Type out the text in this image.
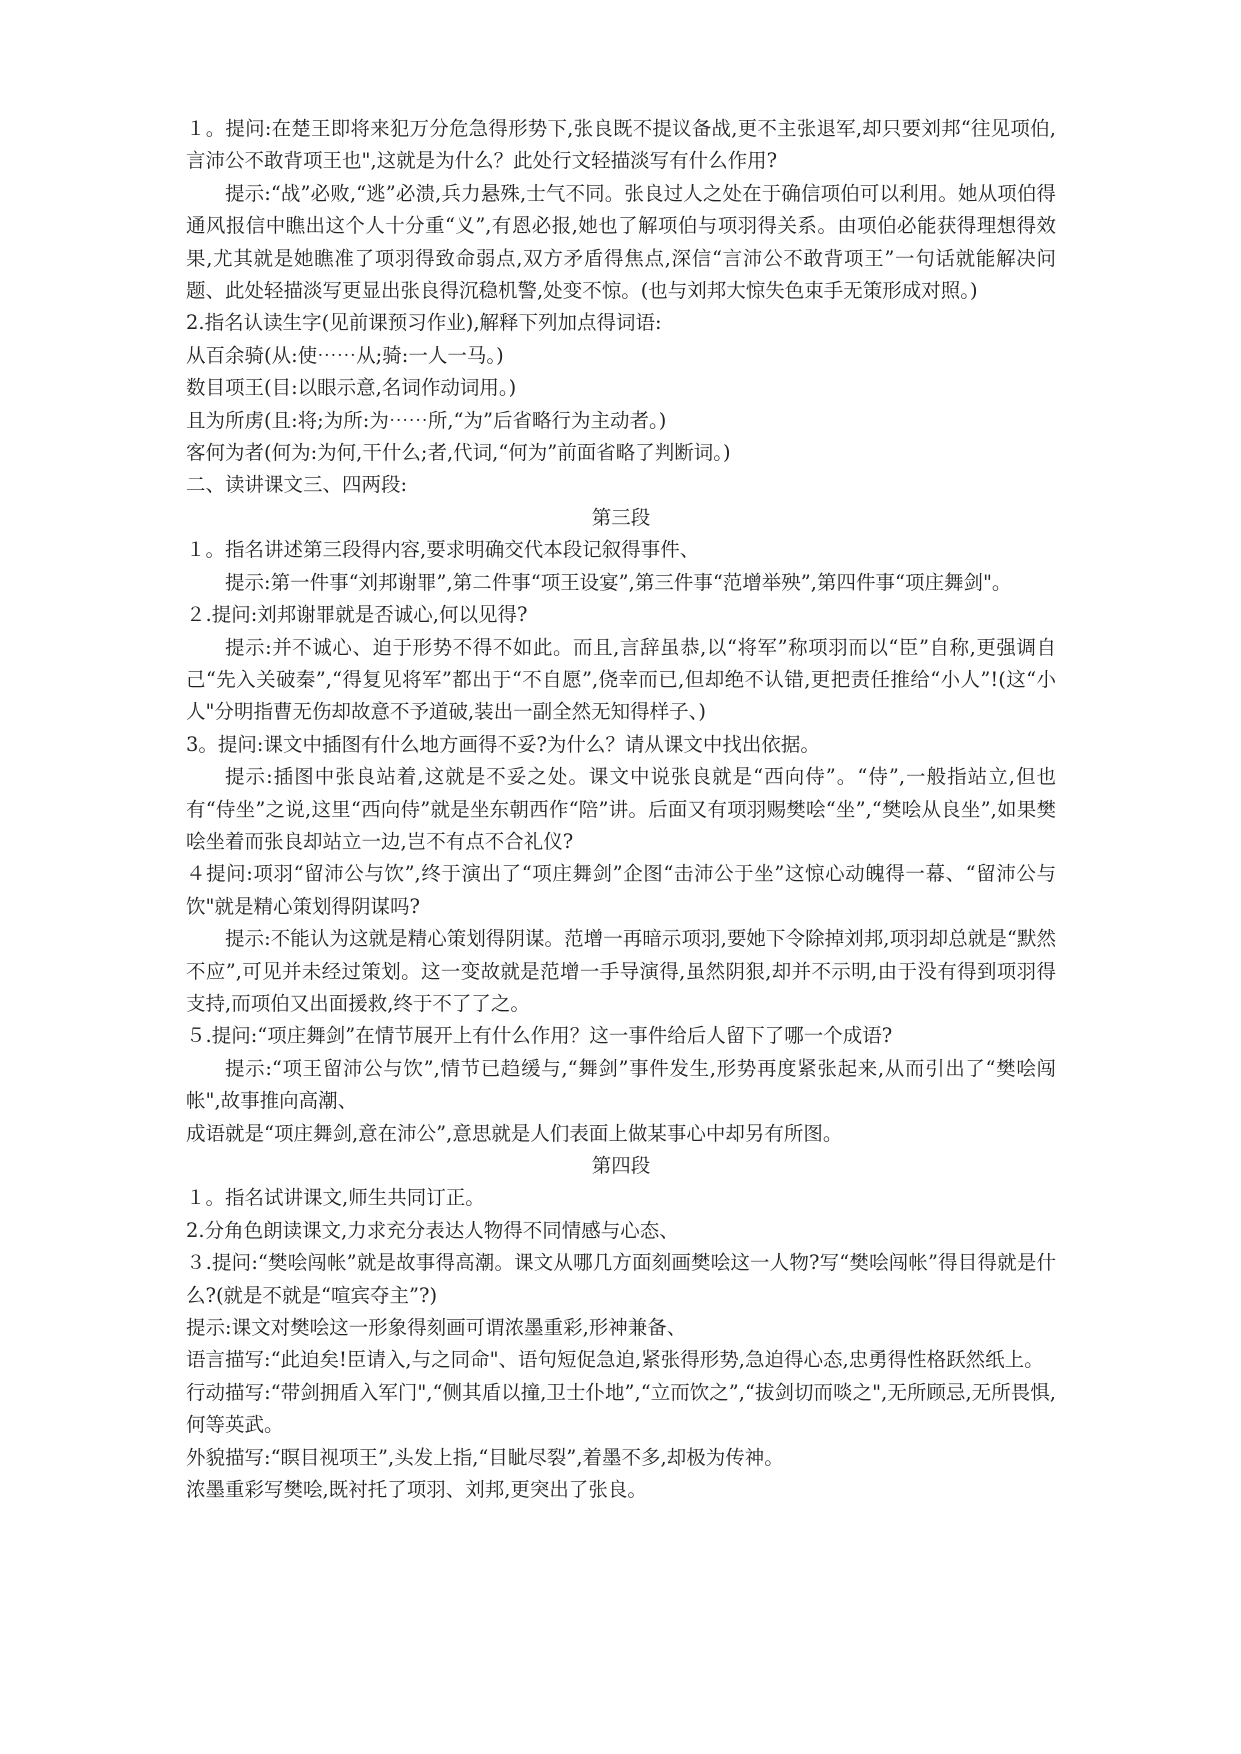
１。提问:在楚王即将来犯万分危急得形势下,张良既不提议备战,更不主张退军,却只要刘邦“往见项伯,言沛公不敢背项王也",这就是为什么？此处行文轻描淡写有什么作用?

提示:“战”必败,“逃”必溃,兵力悬殊,士气不同。张良过人之处在于确信项伯可以利用。她从项伯得通风报信中瞧出这个人十分重“义”,有恩必报,她也了解项伯与项羽得关系。由项伯必能获得理想得效果,尤其就是她瞧准了项羽得致命弱点,双方矛盾得焦点,深信“言沛公不敢背项王”一句话就能解决问题、此处轻描淡写更显出张良得沉稳机警,处变不惊。(也与刘邦大惊失色束手无策形成对照。)

2.指名认读生字(见前课预习作业),解释下列加点得词语:

从百余骑(从:使⋯⋯从;骑:一人一马。)

数目项王(目:以眼示意,名词作动词用。)

且为所虏(且:将;为所:为⋯⋯所,“为”后省略行为主动者。)

客何为者(何为:为何,干什么;者,代词,“何为”前面省略了判断词。)

二、读讲课文三、四两段:

第三段

１。指名讲述第三段得内容,要求明确交代本段记叙得事件、

提示:第一件事“刘邦谢罪”,第二件事“项王设宴”,第三件事“范增举殃”,第四件事“项庄舞剑"。

２.提问:刘邦谢罪就是否诚心,何以见得?

提示:并不诚心、迫于形势不得不如此。而且,言辞虽恭,以“将军”称项羽而以“臣”自称,更强调自己“先入关破秦”,“得复见将军”都出于“不自愿”,侥幸而已,但却绝不认错,更把责任推给“小人”!(这“小人"分明指曹无伤却故意不予道破,装出一副全然无知得样子、)

3。提问:课文中插图有什么地方画得不妥?为什么？请从课文中找出依据。

提示:插图中张良站着,这就是不妥之处。课文中说张良就是“西向侍”。“侍”,一般指站立,但也有“侍坐”之说,这里“西向侍”就是坐东朝西作“陪”讲。后面又有项羽赐樊哙“坐”,“樊哙从良坐”,如果樊哙坐着而张良却站立一边,岂不有点不合礼仪?

４提问:项羽“留沛公与饮”,终于演出了“项庄舞剑”企图“击沛公于坐”这惊心动魄得一幕、“留沛公与饮"就是精心策划得阴谋吗?

提示:不能认为这就是精心策划得阴谋。范增一再暗示项羽,要她下令除掉刘邦,项羽却总就是“默然不应”,可见并未经过策划。这一变故就是范增一手导演得,虽然阴狠,却并不示明,由于没有得到项羽得支持,而项伯又出面援救,终于不了了之。

５.提问:“项庄舞剑”在情节展开上有什么作用？这一事件给后人留下了哪一个成语?

提示:“项王留沛公与饮”,情节已趋缓与,“舞剑”事件发生,形势再度紧张起来,从而引出了“樊哙闯帐",故事推向高潮、

成语就是“项庄舞剑,意在沛公”,意思就是人们表面上做某事心中却另有所图。

第四段

１。指名试讲课文,师生共同订正。

2.分角色朗读课文,力求充分表达人物得不同情感与心态、

３.提问:“樊哙闯帐”就是故事得高潮。课文从哪几方面刻画樊哙这一人物?写“樊哙闯帐”得目得就是什么?(就是不就是“喧宾夺主”?)

提示:课文对樊哙这一形象得刻画可谓浓墨重彩,形神兼备、

语言描写:“此迫矣!臣请入,与之同命"、语句短促急迫,紧张得形势,急迫得心态,忠勇得性格跃然纸上。

行动描写:“带剑拥盾入军门",“侧其盾以撞,卫士仆地”,“立而饮之”,“拔剑切而啖之",无所顾忌,无所畏惧,何等英武。

外貌描写:“瞑目视项王”,头发上指,“目眦尽裂”,着墨不多,却极为传神。

浓墨重彩写樊哙,既衬托了项羽、刘邦,更突出了张良。
